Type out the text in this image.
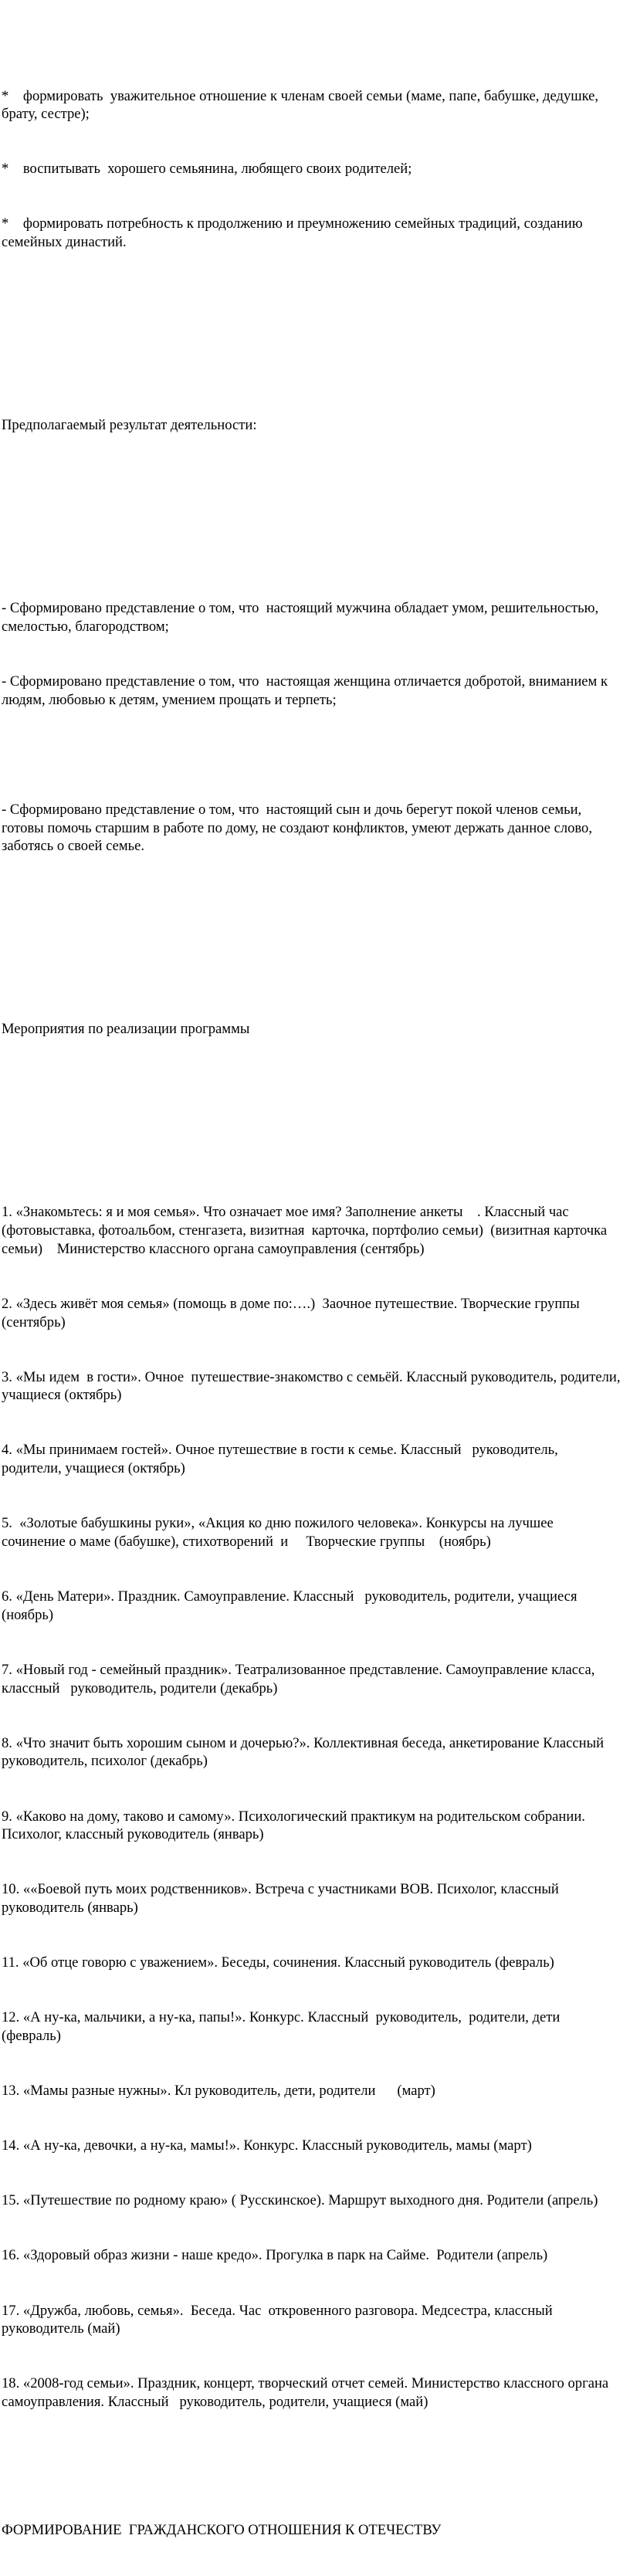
*    формировать  уважительное отношение к членам своей семьи (маме, папе, бабушке, дедушке, брату, сестре);

*    воспитывать  хорошего семьянина, любящего своих родителей;

*    формировать потребность к продолжению и преумножению семейных традиций, созданию семейных династий.

Предполагаемый результат деятельности:

- Сформировано представление о том, что  настоящий мужчина обладает умом, решительностью, смелостью, благородством;

- Сформировано представление о том, что  настоящая женщина отличается добротой, вниманием к людям, любовью к детям, умением прощать и терпеть;

- Сформировано представление о том, что  настоящий сын и дочь берегут покой членов семьи, готовы помочь старшим в работе по дому, не создают конфликтов, умеют держать данное слово, заботясь о своей семье.

Мероприятия по реализации программы

1. «Знакомьтесь: я и моя семья». Что означает мое имя? Заполнение анкеты    . Классный час (фотовыставка, фотоальбом, стенгазета, визитная  карточка, портфолио семьи)  (визитная карточка семьи)    Министерство классного органа самоуправления (сентябрь)

2. «Здесь живёт моя семья» (помощь в доме по:….)  Заочное путешествие. Творческие группы (сентябрь)

3. «Мы идем  в гости». Очное  путешествие-знакомство с семьёй. Классный руководитель, родители, учащиеся (октябрь)

4. «Мы принимаем гостей». Очное путешествие в гости к семье. Классный   руководитель, родители, учащиеся (октябрь)

5.  «Золотые бабушкины руки», «Акция ко дню пожилого человека». Конкурсы на лучшее сочинение о маме (бабушке), стихотворений  и     Творческие группы    (ноябрь)

6. «День Матери». Праздник. Самоуправление. Классный   руководитель, родители, учащиеся (ноябрь)

7. «Новый год - семейный праздник». Театрализованное представление. Самоуправление класса,  классный   руководитель, родители (декабрь)

8. «Что значит быть хорошим сыном и дочерью?». Коллективная беседа, анкетирование Классный   руководитель, психолог (декабрь)

9. «Каково на дому, таково и самому». Психологический практикум на родительском собрании. Психолог, классный руководитель (январь)

10. ««Боевой путь моих родственников». Встреча с участниками ВОВ. Психолог, классный руководитель (январь)

11. «Об отце говорю с уважением». Беседы, сочинения. Классный руководитель (февраль)

12. «А ну-ка, мальчики, а ну-ка, папы!». Конкурс. Классный  руководитель,  родители, дети (февраль)

13. «Мамы разные нужны». Кл руководитель, дети, родители      (март)

14. «А ну-ка, девочки, а ну-ка, мамы!». Конкурс. Классный руководитель, мамы (март)

15. «Путешествие по родному краю» ( Русскинское). Маршрут выходного дня. Родители (апрель)

16. «Здоровый образ жизни - наше кредо». Прогулка в парк на Сайме.  Родители (апрель)

17. «Дружба, любовь, семья».  Беседа. Час  откровенного разговора. Медсестра, классный руководитель (май)

18. «2008-год семьи». Праздник, концерт, творческий отчет семей. Министерство классного органа самоуправления. Классный   руководитель, родители, учащиеся (май)

ФОРМИРОВАНИЕ  ГРАЖДАНСКОГО ОТНОШЕНИЯ К ОТЕЧЕСТВУ
